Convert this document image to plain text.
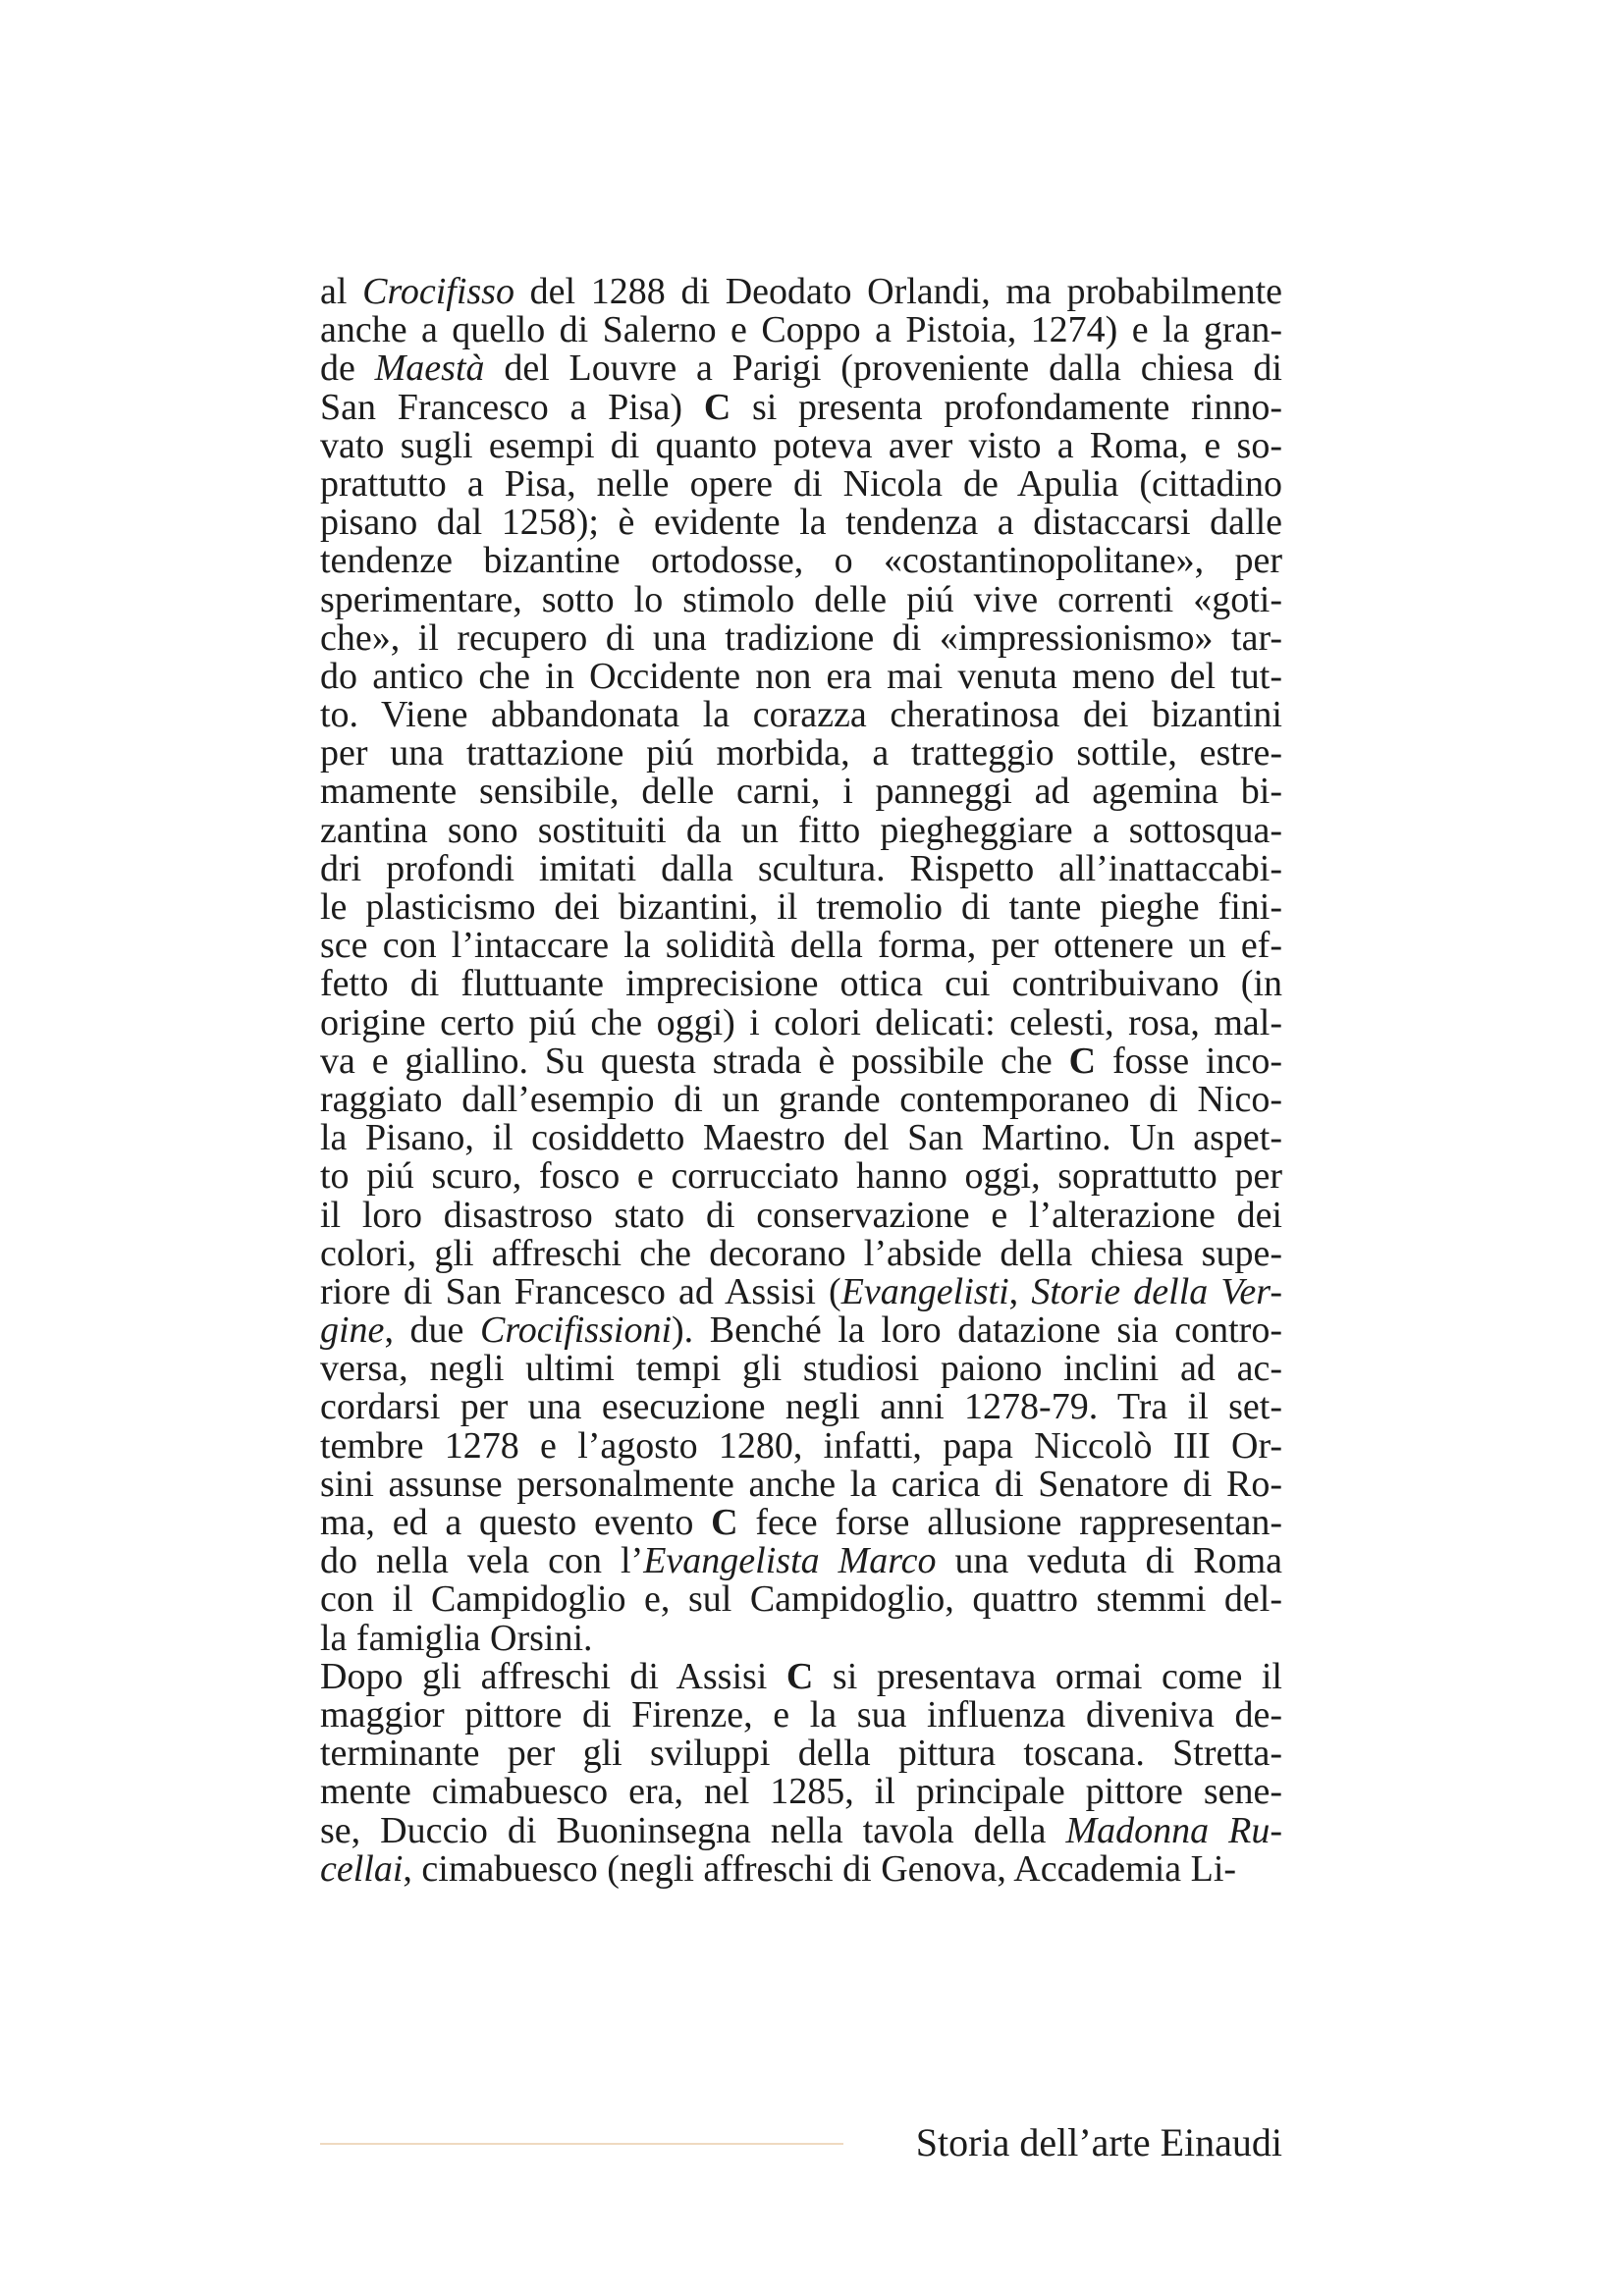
al Crocifisso del 1288 di Deodato Orlandi, ma probabilmente
anche a quello di Salerno e Coppo a Pistoia, 1274) e la gran-
de Maestà del Louvre a Parigi (proveniente dalla chiesa di
San Francesco a Pisa) C si presenta profondamente rinno-
vato sugli esempi di quanto poteva aver visto a Roma, e so-
prattutto a Pisa, nelle opere di Nicola de Apulia (cittadino
pisano dal 1258); è evidente la tendenza a distaccarsi dalle
tendenze bizantine ortodosse, o «costantinopolitane», per
sperimentare, sotto lo stimolo delle piú vive correnti «goti-
che», il recupero di una tradizione di «impressionismo» tar-
do antico che in Occidente non era mai venuta meno del tut-
to. Viene abbandonata la corazza cheratinosa dei bizantini
per una trattazione piú morbida, a tratteggio sottile, estre-
mamente sensibile, delle carni, i panneggi ad agemina bi-
zantina sono sostituiti da un fitto piegheggiare a sottosqua-
dri profondi imitati dalla scultura. Rispetto all’inattaccabi-
le plasticismo dei bizantini, il tremolio di tante pieghe fini-
sce con l’intaccare la solidità della forma, per ottenere un ef-
fetto di fluttuante imprecisione ottica cui contribuivano (in
origine certo piú che oggi) i colori delicati: celesti, rosa, mal-
va e giallino. Su questa strada è possibile che C fosse inco-
raggiato dall’esempio di un grande contemporaneo di Nico-
la Pisano, il cosiddetto Maestro del San Martino. Un aspet-
to piú scuro, fosco e corrucciato hanno oggi, soprattutto per
il loro disastroso stato di conservazione e l’alterazione dei
colori, gli affreschi che decorano l’abside della chiesa supe-
riore di San Francesco ad Assisi (Evangelisti, Storie della Ver-
gine, due Crocifissioni). Benché la loro datazione sia contro-
versa, negli ultimi tempi gli studiosi paiono inclini ad ac-
cordarsi per una esecuzione negli anni 1278-79. Tra il set-
tembre 1278 e l’agosto 1280, infatti, papa Niccolò III Or-
sini assunse personalmente anche la carica di Senatore di Ro-
ma, ed a questo evento C fece forse allusione rappresentan-
do nella vela con l’Evangelista Marco una veduta di Roma
con il Campidoglio e, sul Campidoglio, quattro stemmi del-
la famiglia Orsini.
Dopo gli affreschi di Assisi C si presentava ormai come il
maggior pittore di Firenze, e la sua influenza diveniva de-
terminante per gli sviluppi della pittura toscana. Stretta-
mente cimabuesco era, nel 1285, il principale pittore sene-
se, Duccio di Buoninsegna nella tavola della Madonna Ru-
cellai, cimabuesco (negli affreschi di Genova, Accademia Li-
Storia dell’arte Einaudi
